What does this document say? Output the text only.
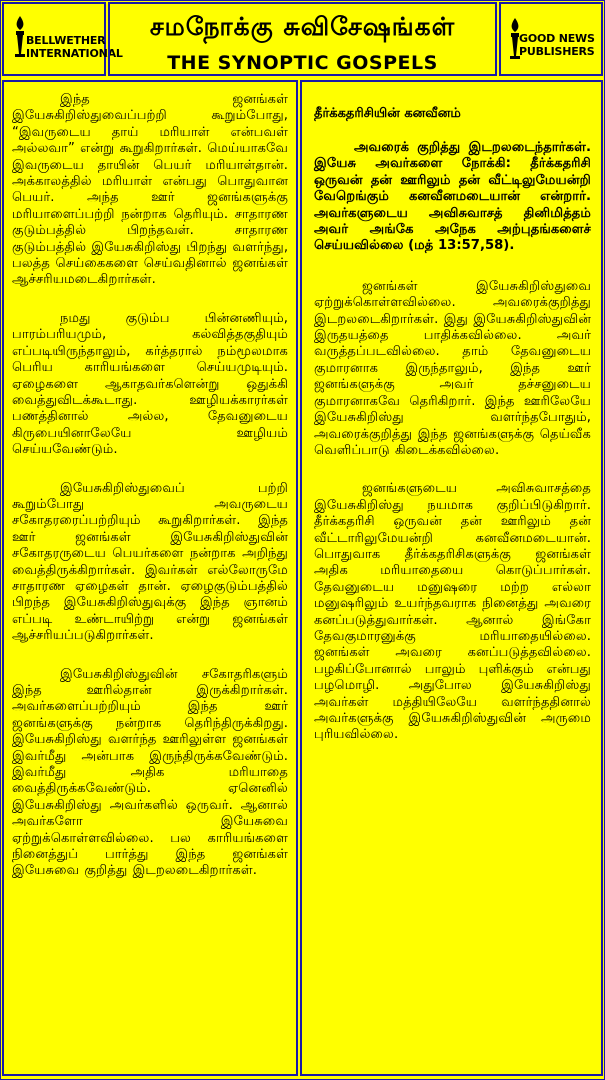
BELLWETHER
INTERNATIONAL
சமநோக்கு சுவிசேஷங்கள்
THE SYNOPTIC GOSPELS
GOOD NEWS
PUBLISHERS

இந்த ஜனங்கள் இயேசுகிறிஸ்துவைப்பற்றி கூறும்போது, “இவருடைய தாய் மரியாள் என்பவள் அல்லவா” என்று கூறுகிறார்கள். மெய்யாகவே இவருடைய தாயின் பெயர் மரியாள்தான். அக்காலத்தில் மரியாள் என்பது பொதுவான பெயர். அந்த ஊர் ஜனங்களுக்கு மரியாளைப்பற்றி நன்றாக தெரியும். சாதாரண குடும்பத்தில் பிறந்தவள். சாதாரண குடும்பத்தில் இயேசுகிறிஸ்து பிறந்து வளர்ந்து, பலத்த செய்கைகளை செய்வதினால் ஜனங்கள் ஆச்சரியமடைகிறார்கள்.

நமது குடும்ப பின்னணியும், பாரம்பரியமும், கல்வித்தகுதியும் எப்படியிருந்தாலும், கர்த்தரால் நம்மூலமாக பெரிய காரியங்களை செய்யமுடியும். ஏழைகளை ஆகாதவர்களென்று ஒதுக்கி வைத்துவிடக்கூடாது. ஊழியக்காரர்கள் பணத்தினால் அல்ல, தேவனுடைய கிருபையினாலேயே ஊழியம் செய்யவேண்டும்.

இயேசுகிறிஸ்துவைப் பற்றி கூறும்போது அவருடைய சகோதரரைப்பற்றியும் கூறுகிறார்கள். இந்த ஊர் ஜனங்கள் இயேசுகிறிஸ்துவின் சகோதரருடைய பெயர்களை நன்றாக அறிந்து வைத்திருக்கிறார்கள். இவர்கள் எல்லோருமே சாதாரண ஏழைகள் தான். ஏழைகுடும்பத்தில் பிறந்த இயேசுகிறிஸ்துவுக்கு இந்த ஞானம் எப்படி உண்டாயிற்று என்று ஜனங்கள் ஆச்சரியப்படுகிறார்கள்.

இயேசுகிறிஸ்துவின் சகோதரிகளும் இந்த ஊரில்தான் இருக்கிறார்கள். அவர்களைப்பற்றியும் இந்த ஊர் ஜனங்களுக்கு நன்றாக தெரிந்திருக்கிறது. இயேசுகிறிஸ்து வளர்ந்த ஊரிலுள்ள ஜனங்கள் இவர்மீது அன்பாக இருந்திருக்கவேண்டும். இவர்மீது அதிக மரியாதை வைத்திருக்கவேண்டும். ஏனெனில் இயேசுகிறிஸ்து அவர்களில் ஒருவர். ஆனால் அவர்களோ இயேசுவை ஏற்றுக்கொள்ளவில்லை. பல காரியங்களை நினைத்துப் பார்த்து இந்த ஜனங்கள் இயேசுவை குறித்து இடறலடைகிறார்கள்.

தீர்க்கதரிசியின் கனவீனம்

அவரைக் குறித்து இடறலடைந்தார்கள். இயேசு அவர்களை நோக்கி: தீர்க்கதரிசி ஒருவன் தன் ஊரிலும் தன் வீட்டிலுமேயன்றி வேறெங்கும் கனவீனமடையான் என்றார். அவர்களுடைய அவிசுவாசத் தினிமித்தம் அவர் அங்கே அநேக அற்புதங்களைச் செய்யவில்லை (மத் 13:57,58).

ஜனங்கள் இயேசுகிறிஸ்துவை ஏற்றுக்கொள்ளவில்லை. அவரைக்குறித்து இடறலடைகிறார்கள். இது இயேசுகிறிஸ்துவின் இருதயத்தை பாதிக்கவில்லை. அவர் வருத்தப்படவில்லை. தாம் தேவனுடைய குமாரனாக இருந்தாலும், இந்த ஊர் ஜனங்களுக்கு அவர் தச்சனுடைய குமாரனாகவே தெரிகிறார். இந்த ஊரிலேயே இயேசுகிறிஸ்து வளர்ந்தபோதும், அவரைக்குறித்து இந்த ஜனங்களுக்கு தெய்வீக வெளிப்பாடு கிடைக்கவில்லை.

ஜனங்களுடைய அவிசுவாசத்தை இயேசுகிறிஸ்து நயமாக குறிப்பிடுகிறார். தீர்க்கதரிசி ஒருவன் தன் ஊரிலும் தன் வீட்டாரிலுமேயன்றி கனவீனமடையான். பொதுவாக தீர்க்கதரிசிகளுக்கு ஜனங்கள் அதிக மரியாதையை கொடுப்பார்கள். தேவனுடைய மனுஷரை மற்ற எல்லா மனுஷரிலும் உயர்ந்தவராக நினைத்து அவரை கனப்படுத்துவார்கள். ஆனால் இங்கோ தேவகுமாரனுக்கு மரியாதையில்லை. ஜனங்கள் அவரை கனப்படுத்தவில்லை. பழகிப்போனால் பாலும் புளிக்கும் என்பது பழமொழி. அதுபோல இயேசுகிறிஸ்து அவர்கள் மத்தியிலேயே வளர்ந்ததினால் அவர்களுக்கு இயேசுகிறிஸ்துவின் அருமை புரியவில்லை.
